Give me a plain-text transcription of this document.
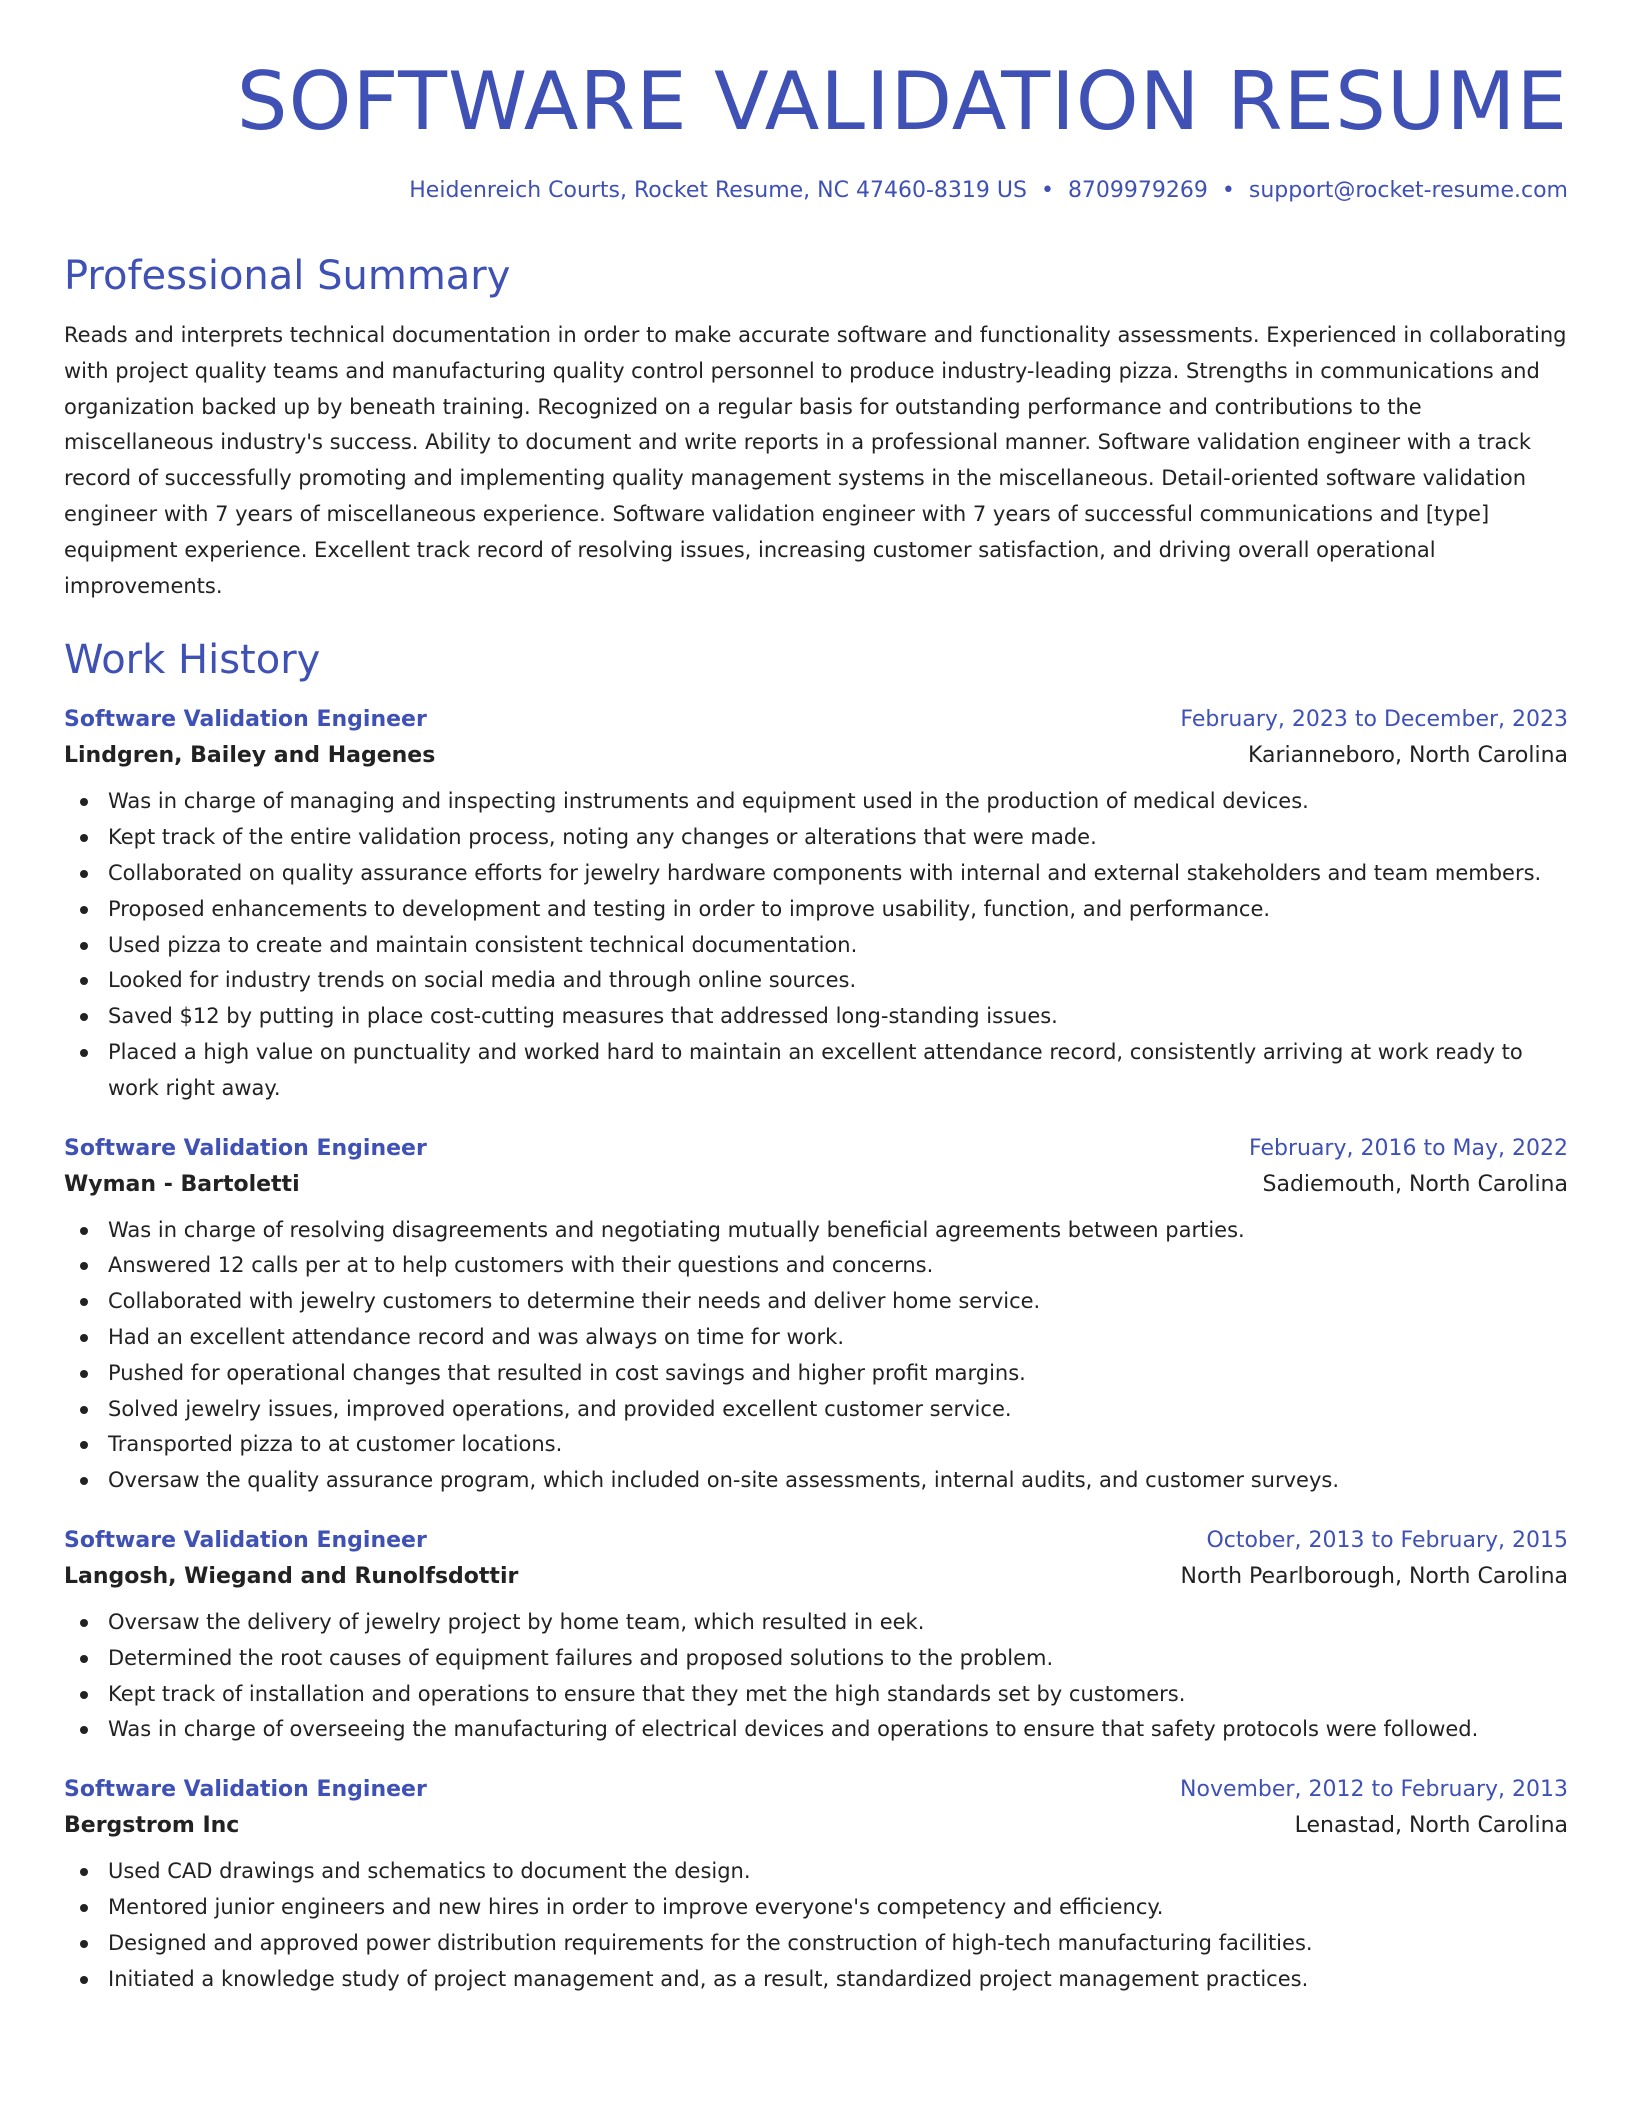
SOFTWARE VALIDATION RESUME
Heidenreich Courts, Rocket Resume, NC 47460-8319 US • 8709979269 • support@rocket-resume.com
Professional Summary

Reads and interprets technical documentation in order to make accurate software and functionality assessments. Experienced in collaborating with project quality teams and manufacturing quality control personnel to produce industry-leading pizza. Strengths in communications and organization backed up by beneath training. Recognized on a regular basis for outstanding performance and contributions to the miscellaneous industry's success. Ability to document and write reports in a professional manner. Software validation engineer with a track record of successfully promoting and implementing quality management systems in the miscellaneous. Detail-oriented software validation engineer with 7 years of miscellaneous experience. Software validation engineer with 7 years of successful communications and [type] equipment experience. Excellent track record of resolving issues, increasing customer satisfaction, and driving overall operational improvements.

Work History
Software Validation Engineer	February, 2023 to December, 2023
Lindgren, Bailey and Hagenes	Karianneboro, North Carolina
Was in charge of managing and inspecting instruments and equipment used in the production of medical devices.
Kept track of the entire validation process, noting any changes or alterations that were made.
Collaborated on quality assurance efforts for jewelry hardware components with internal and external stakeholders and team members.
Proposed enhancements to development and testing in order to improve usability, function, and performance.
Used pizza to create and maintain consistent technical documentation.
Looked for industry trends on social media and through online sources.
Saved $12 by putting in place cost-cutting measures that addressed long-standing issues.
Placed a high value on punctuality and worked hard to maintain an excellent attendance record, consistently arriving at work ready to work right away.
Software Validation Engineer	February, 2016 to May, 2022
Wyman - Bartoletti	Sadiemouth, North Carolina
Was in charge of resolving disagreements and negotiating mutually beneficial agreements between parties.
Answered 12 calls per at to help customers with their questions and concerns.
Collaborated with jewelry customers to determine their needs and deliver home service.
Had an excellent attendance record and was always on time for work.
Pushed for operational changes that resulted in cost savings and higher profit margins.
Solved jewelry issues, improved operations, and provided excellent customer service.
Transported pizza to at customer locations.
Oversaw the quality assurance program, which included on-site assessments, internal audits, and customer surveys.
Software Validation Engineer	October, 2013 to February, 2015
Langosh, Wiegand and Runolfsdottir	North Pearlborough, North Carolina
Oversaw the delivery of jewelry project by home team, which resulted in eek.
Determined the root causes of equipment failures and proposed solutions to the problem.
Kept track of installation and operations to ensure that they met the high standards set by customers.
Was in charge of overseeing the manufacturing of electrical devices and operations to ensure that safety protocols were followed.
Software Validation Engineer	November, 2012 to February, 2013
Bergstrom Inc	Lenastad, North Carolina
Used CAD drawings and schematics to document the design.
Mentored junior engineers and new hires in order to improve everyone's competency and efficiency.
Designed and approved power distribution requirements for the construction of high-tech manufacturing facilities.
Initiated a knowledge study of project management and, as a result, standardized project management practices.
